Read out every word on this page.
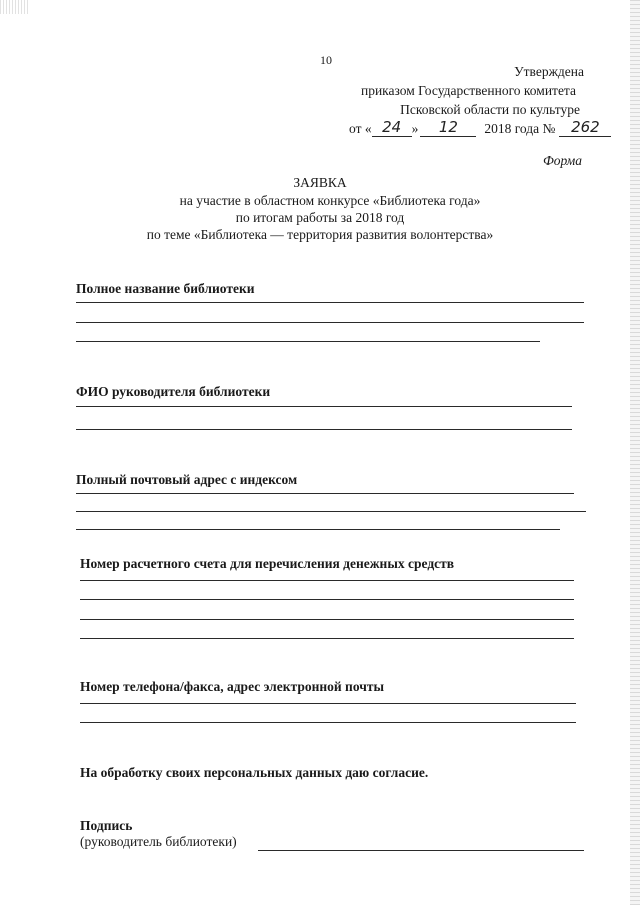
10
Утверждена
приказом Государственного комитета
Псковской области по культуре
от « 24 »	12	2018 года №	262
Форма
ЗАЯВКА
на участие в областном конкурсе «Библиотека года»
по итогам работы за 2018 год
по теме «Библиотека — территория развития волонтерства»
Полное название библиотеки
ФИО руководителя библиотеки
Полный почтовый адрес с индексом
Номер расчетного счета для перечисления денежных средств
Номер телефона/факса, адрес электронной почты
На обработку своих персональных данных даю согласие.
Подпись
(руководитель библиотеки)
